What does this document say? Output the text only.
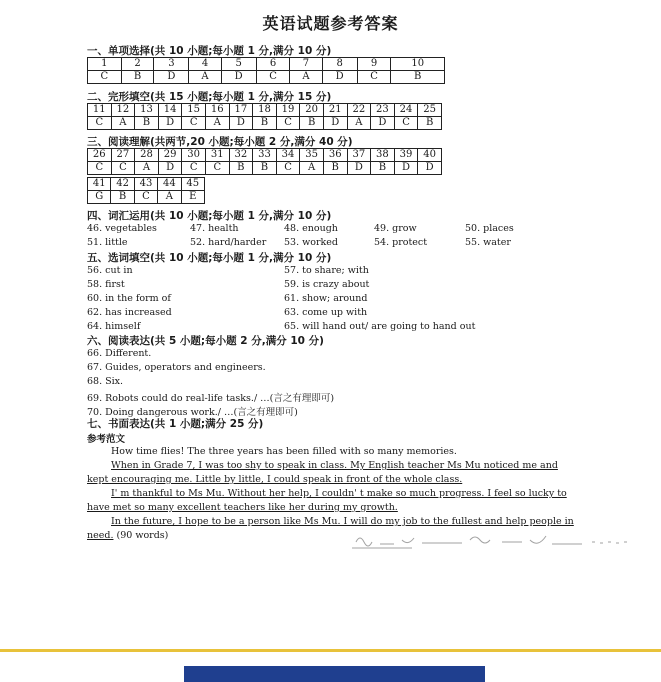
英语试题参考答案
一、单项选择(共 10 小题;每小题 1 分,满分 10 分)
1	2	3	4	5	6	7	8	9	10
C	B	D	A	D	C	A	D	C	B
二、完形填空(共 15 小题;每小题 1 分,满分 15 分)
11	12	13	14	15	16	17	18	19	20	21	22	23	24	25
C	A	B	D	C	A	D	B	C	B	D	A	D	C	B
三、阅读理解(共两节,20 小题;每小题 2 分,满分 40 分)
26	27	28	29	30	31	32	33	34	35	36	37	38	39	40
C	C	A	D	C	C	B	B	C	A	B	D	B	D	D
41	42	43	44	45
G	B	C	A	E
四、词汇运用(共 10 小题;每小题 1 分,满分 10 分)
46. vegetables	47. health	48. enough	49. grow	50. places
51. little	52. hard/harder 53. worked	54. protect	55. water
五、选词填空(共 10 小题;每小题 1 分,满分 10 分)
56. cut in	57. to share; with
58. first	59. is crazy about
60. in the form of	61. show; around
62. has increased	63. come up with
64. himself	65. will hand out/ are going to hand out
六、阅读表达(共 5 小题;每小题 2 分,满分 10 分)
66. Different.
67. Guides, operators and engineers.
68. Six.
69. Robots could do real-life tasks./ …(言之有理即可)
70. Doing dangerous work./ …(言之有理即可)
七、书面表达(共 1 小题;满分 25 分)
参考范文

How time flies! The three years has been filled with so many memories.

When in Grade 7, I was too shy to speak in class. My English teacher Ms Mu noticed me and kept encouraging me. Little by little, I could speak in front of the whole class.

I' m thankful to Ms Mu. Without her help, I couldn' t make so much progress. I feel so lucky to have met so many excellent teachers like her during my growth.

In the future, I hope to be a person like Ms Mu. I will do my job to the fullest and help people in need. (90 words)
